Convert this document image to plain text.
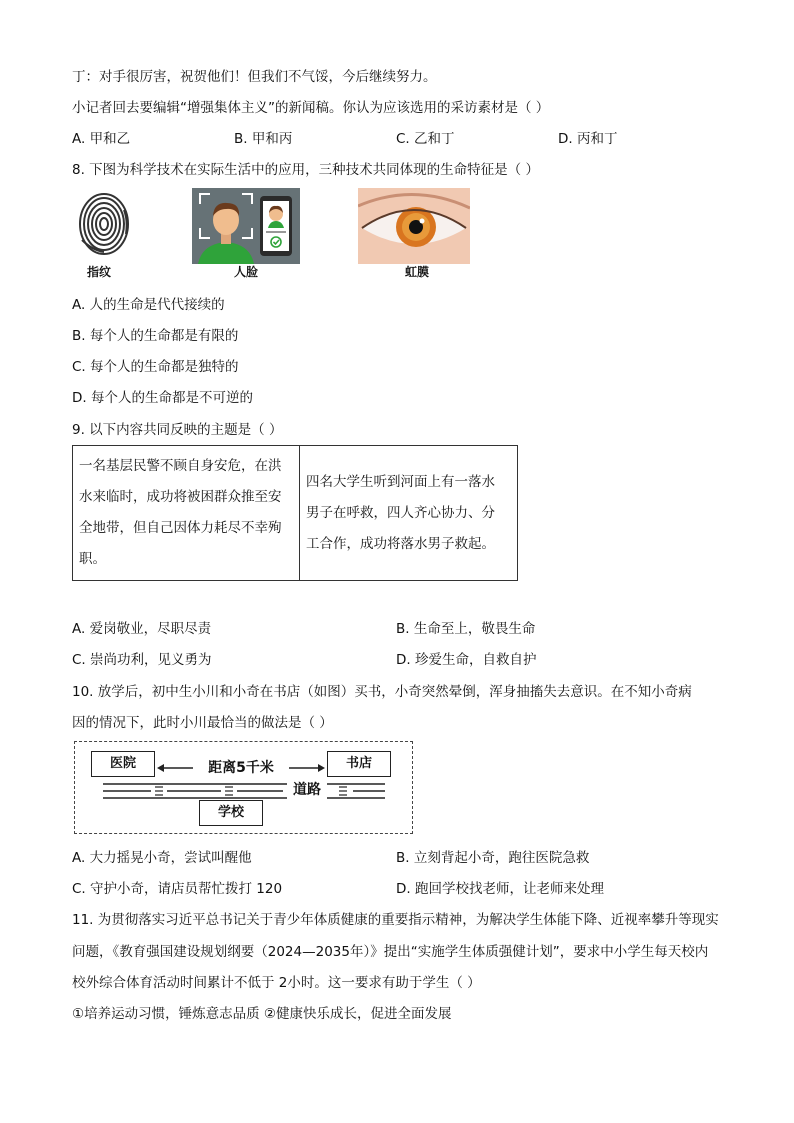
丁：对手很厉害，祝贺他们！但我们不气馁，今后继续努力。
小记者回去要编辑“增强集体主义”的新闻稿。你认为应该选用的采访素材是（ ）
A. 甲和乙	B. 甲和丙	C. 乙和丁	D. 丙和丁
8. 下图为科学技术在实际生活中的应用，三种技术共同体现的生命特征是（ ）
指纹	人脸	虹膜
A. 人的生命是代代接续的
B. 每个人的生命都是有限的
C. 每个人的生命都是独特的
D. 每个人的生命都是不可逆的
9. 以下内容共同反映的主题是（ ）
一名基层民警不顾自身安危，在洪
水来临时，成功将被困群众推至安
全地带，但自己因体力耗尽不幸殉
职。

四名大学生听到河面上有一落水
男子在呼救，四人齐心协力、分
工合作，成功将落水男子救起。
A. 爱岗敬业，尽职尽责	B. 生命至上，敬畏生命
C. 崇尚功利，见义勇为	D. 珍爱生命，自救自护
10. 放学后，初中生小川和小奇在书店（如图）买书，小奇突然晕倒，浑身抽搐失去意识。在不知小奇病
因的情况下，此时小川最恰当的做法是（ ）
医院	书店
距离5千米
道路
学校
A. 大力摇晃小奇，尝试叫醒他	B. 立刻背起小奇，跑往医院急救
C. 守护小奇，请店员帮忙拨打 120	D. 跑回学校找老师，让老师来处理
11. 为贯彻落实习近平总书记关于青少年体质健康的重要指示精神，为解决学生体能下降、近视率攀升等现实
问题，《教育强国建设规划纲要（2024—2035年）》提出“实施学生体质强健计划”，要求中小学生每天校内
校外综合体育活动时间累计不低于 2小时。这一要求有助于学生（ ）
①培养运动习惯，锤炼意志品质 ②健康快乐成长，促进全面发展
